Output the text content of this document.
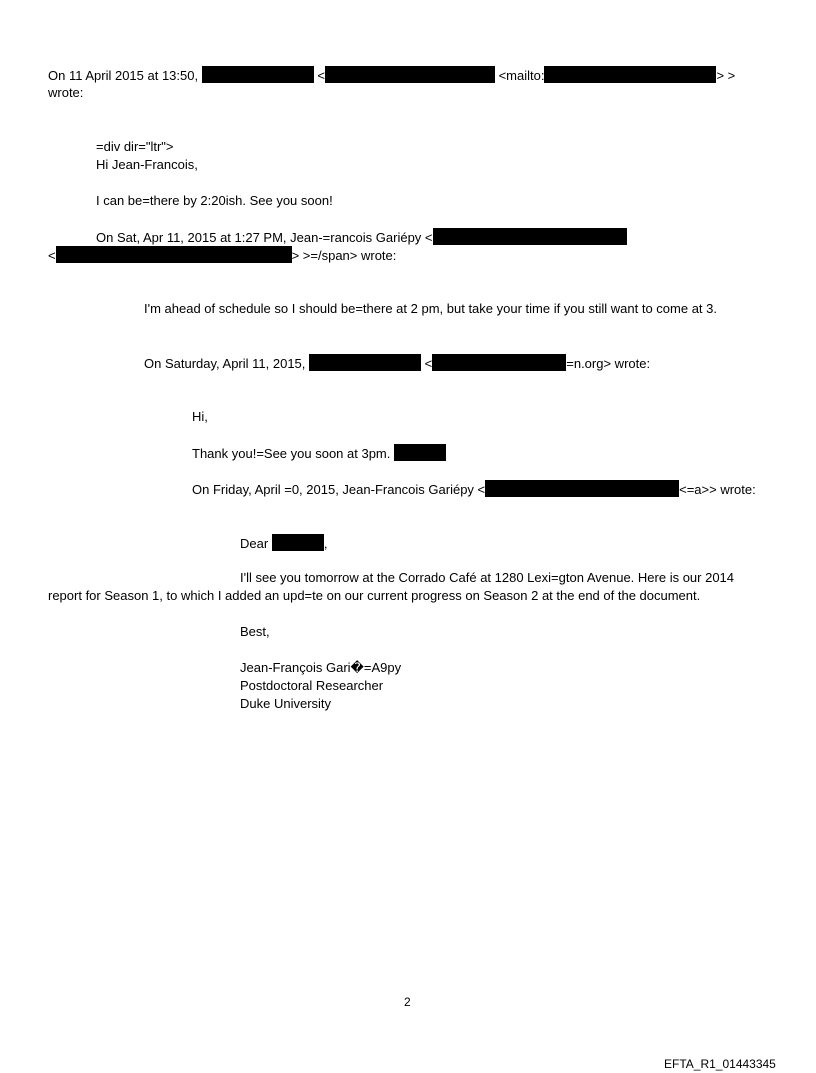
On 11 April 2015 at 13:50,	<	<mailto:	> >
wrote:
=div dir="ltr">
Hi Jean-Francois,
I can be=there by 2:20ish. See you soon!
On Sat, Apr 11, 2015 at 1:27 PM, Jean-=rancois Gariépy <
<	> >=/span> wrote:
I'm ahead of schedule so I should be=there at 2 pm, but take your time if you still want to come at 3.
On Saturday, April 11, 2015,	<	=n.org> wrote:
Hi,
Thank you!=See you soon at 3pm.
On Friday, April =0, 2015, Jean-Francois Gariépy <	<=a>> wrote:
Dear	,
I'll see you tomorrow at the Corrado Café at 1280 Lexi=gton Avenue. Here is our 2014
report for Season 1, to which I added an upd=te on our current progress on Season 2 at the end of the document.
Best,
Jean-François Gari�=A9py
Postdoctoral Researcher
Duke University
2
EFTA_R1_01443345
